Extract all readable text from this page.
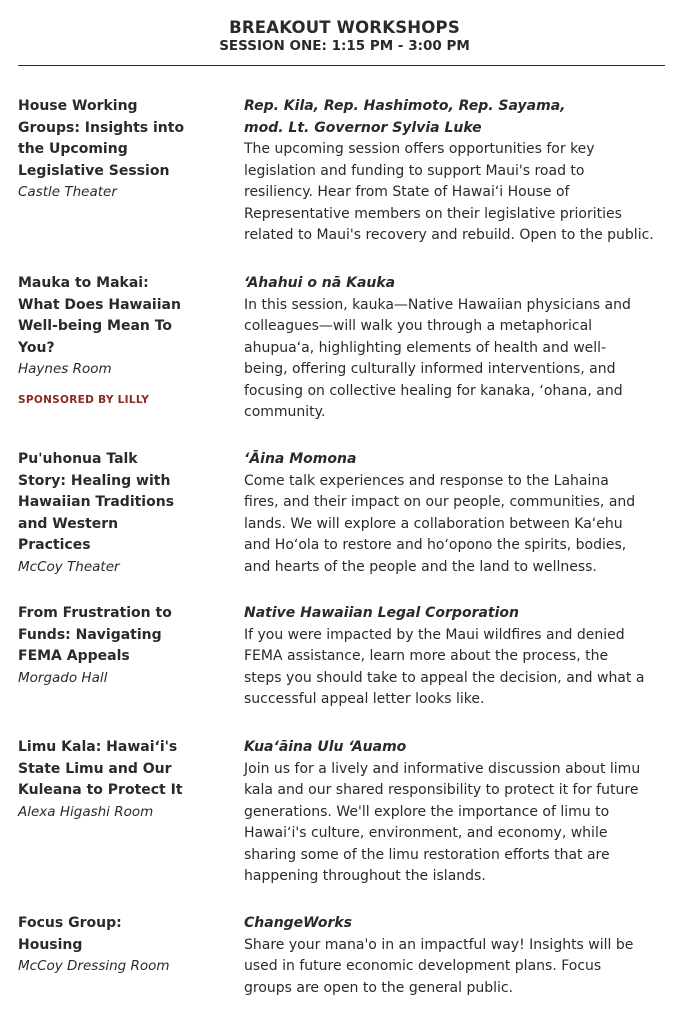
BREAKOUT WORKSHOPS
SESSION ONE: 1:15 PM - 3:00 PM
House Working
Groups: Insights into
the Upcoming
Legislative Session
Castle Theater
Rep. Kila, Rep. Hashimoto, Rep. Sayama,
mod. Lt. Governor Sylvia Luke
The upcoming session offers opportunities for key
legislation and funding to support Maui's road to
resiliency. Hear from State of Hawaiʻi House of
Representative members on their legislative priorities
related to Maui's recovery and rebuild. Open to the public.
Mauka to Makai:
What Does Hawaiian
Well-being Mean To
You?
Haynes Room
SPONSORED BY LILLY
ʻAhahui o nā Kauka
In this session, kauka—Native Hawaiian physicians and
colleagues—will walk you through a metaphorical
ahupuaʻa, highlighting elements of health and well-
being, offering culturally informed interventions, and
focusing on collective healing for kanaka, ʻohana, and
community.
Pu'uhonua Talk
Story: Healing with
Hawaiian Traditions
and Western
Practices
McCoy Theater
ʻĀina Momona
Come talk experiences and response to the Lahaina
fires, and their impact on our people, communities, and
lands. We will explore a collaboration between Kaʻehu
and Hoʻola to restore and hoʻopono the spirits, bodies,
and hearts of the people and the land to wellness.
From Frustration to
Funds: Navigating
FEMA Appeals
Morgado Hall
Native Hawaiian Legal Corporation
If you were impacted by the Maui wildfires and denied
FEMA assistance, learn more about the process, the
steps you should take to appeal the decision, and what a
successful appeal letter looks like.
Limu Kala: Hawaiʻi's
State Limu and Our
Kuleana to Protect It
Alexa Higashi Room
Kuaʻāina Ulu ʻAuamo
Join us for a lively and informative discussion about limu
kala and our shared responsibility to protect it for future
generations. We'll explore the importance of limu to
Hawaiʻi's culture, environment, and economy, while
sharing some of the limu restoration efforts that are
happening throughout the islands.
Focus Group:
Housing
McCoy Dressing Room
ChangeWorks
Share your mana'o in an impactful way! Insights will be
used in future economic development plans. Focus
groups are open to the general public.
